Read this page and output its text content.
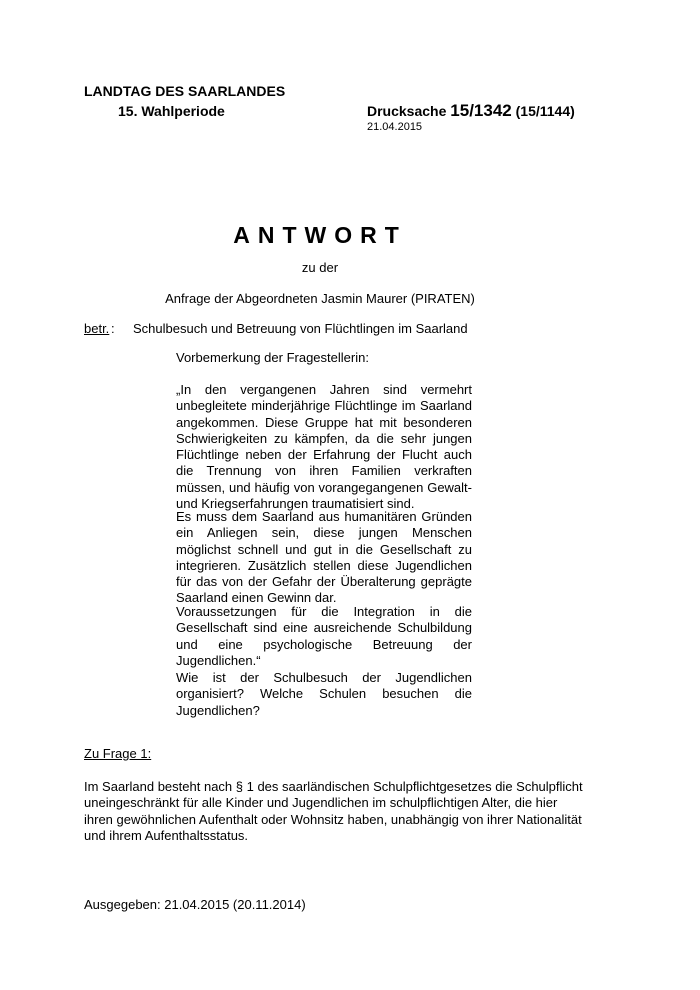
LANDTAG DES SAARLANDES
15. Wahlperiode	Drucksache 15/1342 (15/1144)
21.04.2015
ANTWORT
zu der
Anfrage der Abgeordneten Jasmin Maurer (PIRATEN)
betr. : Schulbesuch und Betreuung von Flüchtlingen im Saarland
Vorbemerkung der Fragestellerin:
„In den vergangenen Jahren sind vermehrt unbegleitete minderjährige Flüchtlinge im Saarland angekommen. Diese Gruppe hat mit besonderen Schwierigkeiten zu kämpfen, da die sehr jungen Flüchtlinge neben der Erfahrung der Flucht auch die Trennung von ihren Familien verkraften müssen, und häufig von vorangegangenen Gewalt- und Kriegserfahrungen traumatisiert sind.
Es muss dem Saarland aus humanitären Gründen ein Anliegen sein, diese jungen Menschen möglichst schnell und gut in die Gesellschaft zu integrieren. Zusätzlich stellen diese Jugendlichen für das von der Gefahr der Überalterung geprägte Saarland einen Gewinn dar.
Voraussetzungen für die Integration in die Gesellschaft sind eine ausreichende Schulbildung und eine psychologische Betreuung der Jugendlichen.“
Wie ist der Schulbesuch der Jugendlichen organisiert? Welche Schulen besuchen die Jugendlichen?
Zu Frage 1:
Im Saarland besteht nach § 1 des saarländischen Schulpflichtgesetzes die Schulpflicht uneingeschränkt für alle Kinder und Jugendlichen im schulpflichtigen Alter, die hier ihren gewöhnlichen Aufenthalt oder Wohnsitz haben, unabhängig von ihrer Nationalität und ihrem Aufenthaltsstatus.
Ausgegeben: 21.04.2015 (20.11.2014)
